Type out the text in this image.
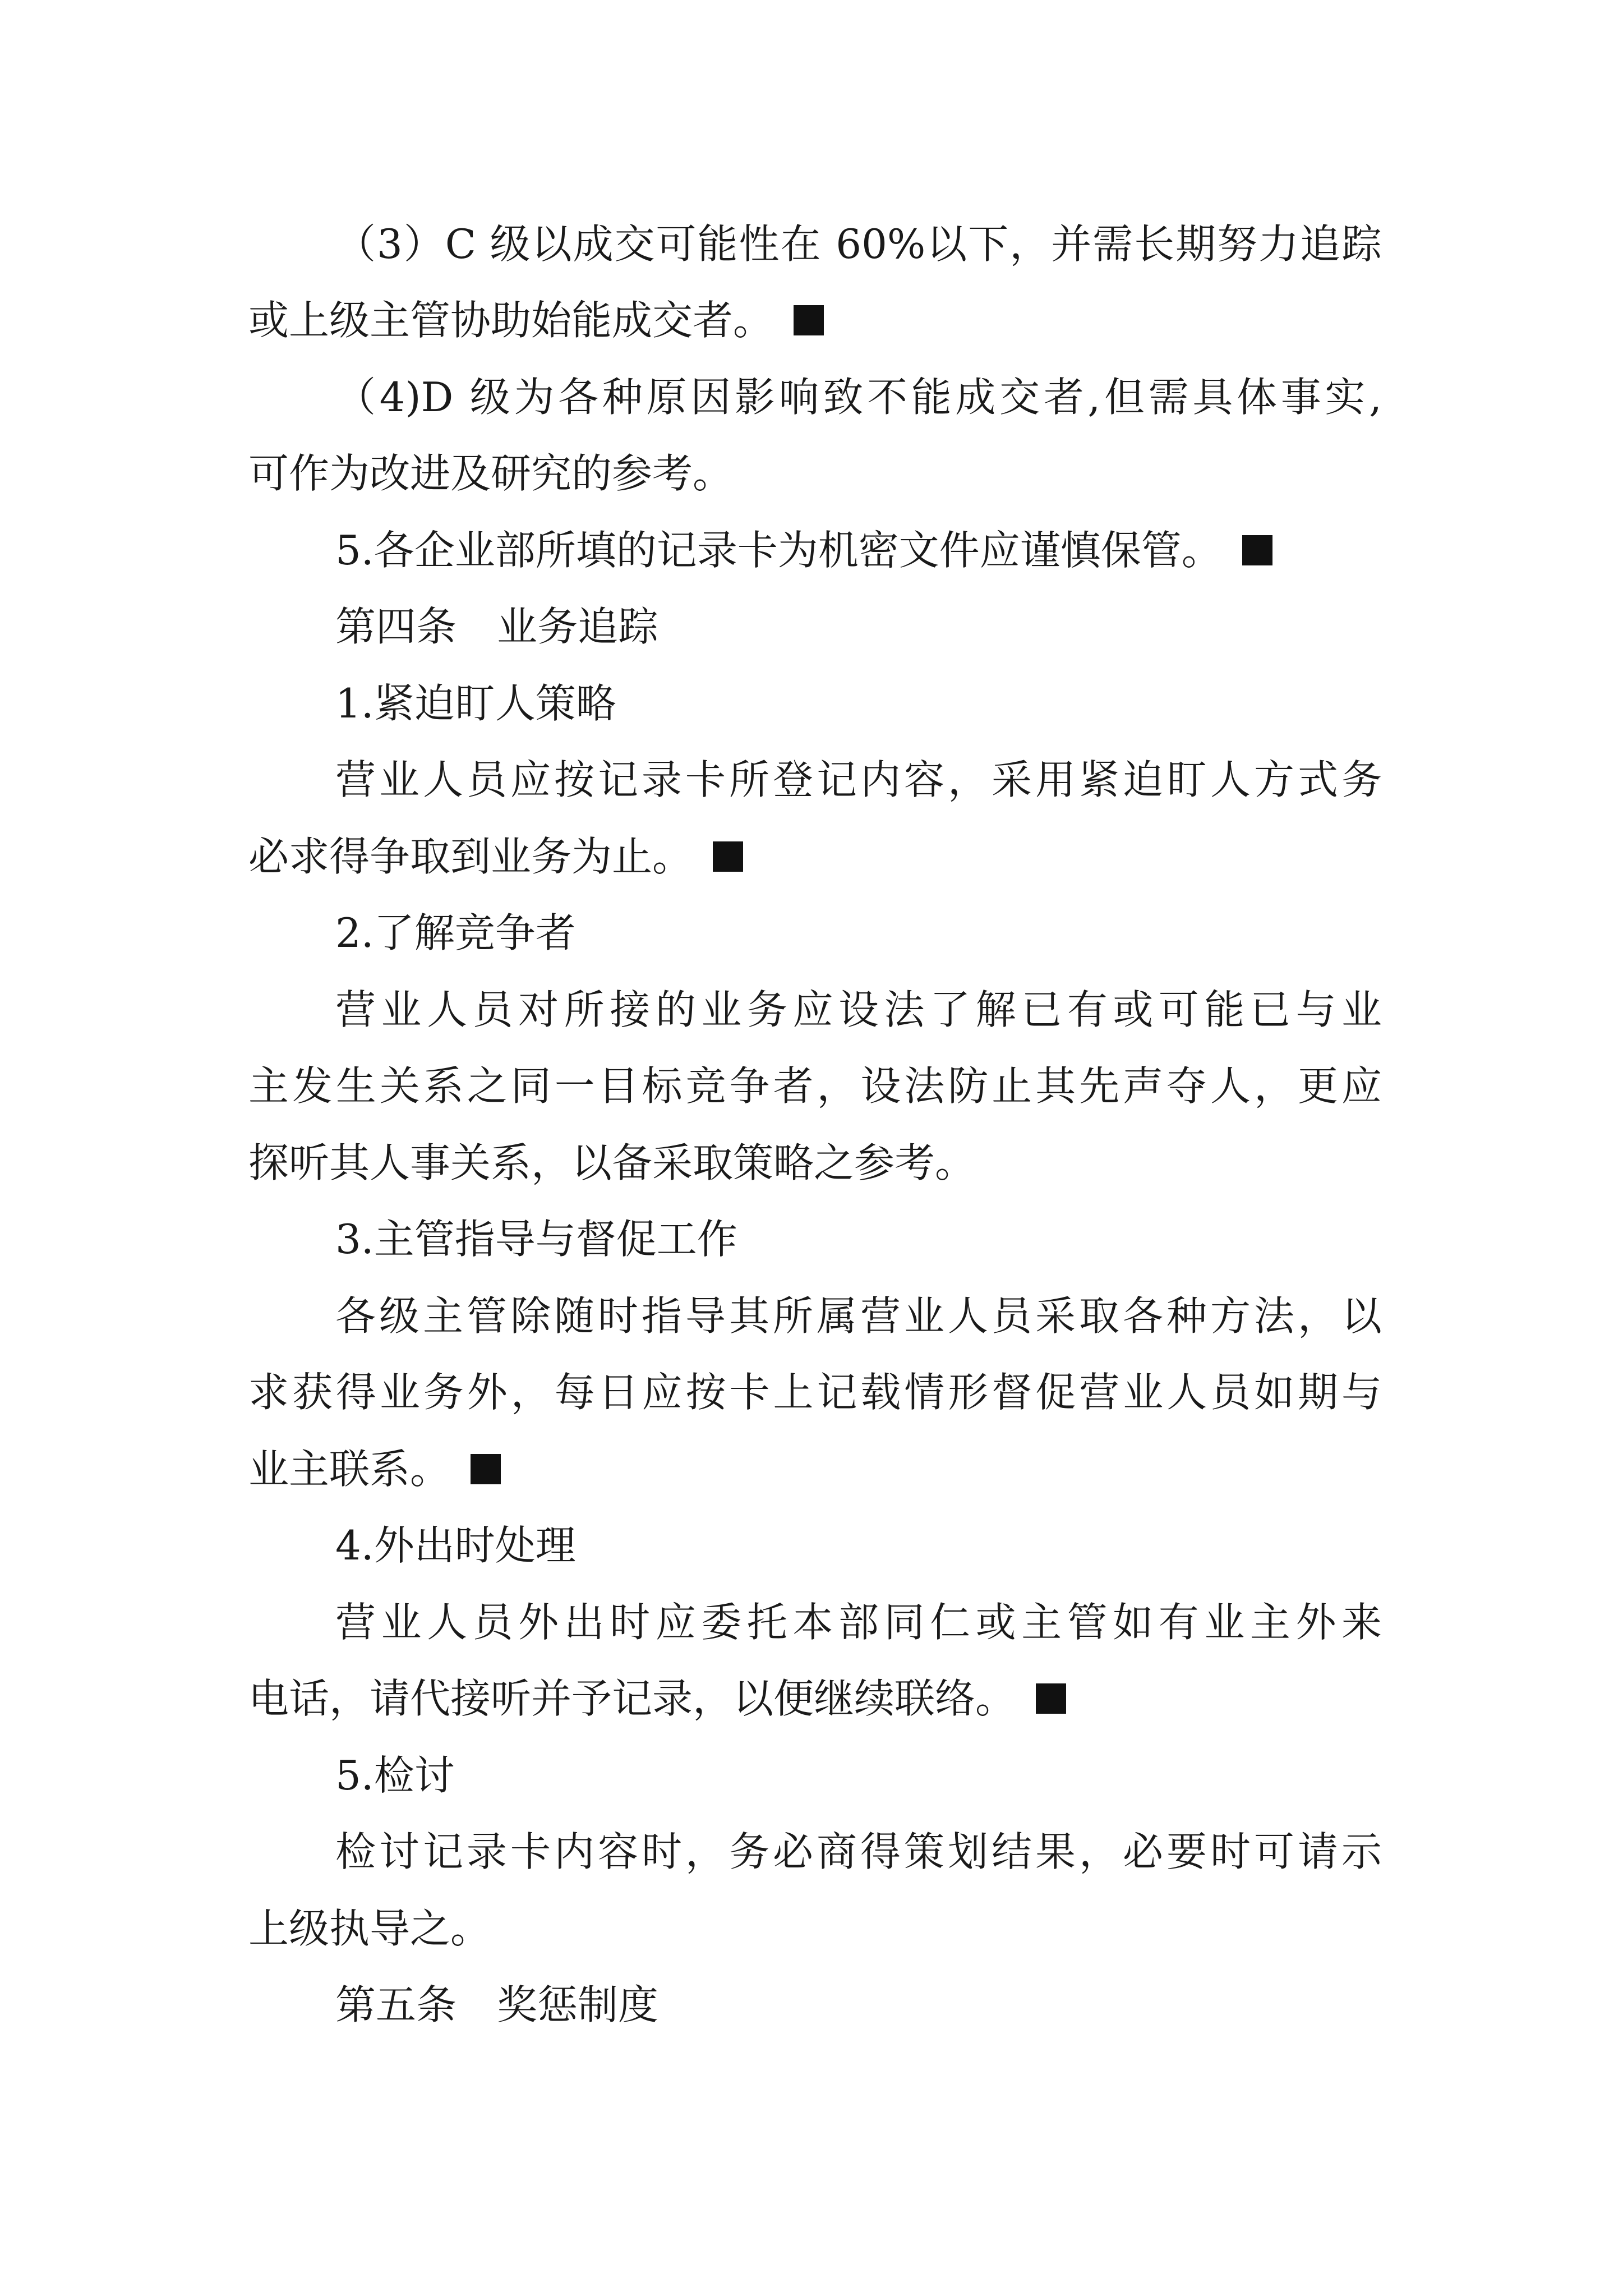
（3）C 级以成交可能性在 60%以下，并需长期努力追踪
或上级主管协助始能成交者。
（4)D 级为各种原因影响致不能成交者,但需具体事实,
可作为改进及研究的参考。
5.各企业部所填的记录卡为机密文件应谨慎保管。
第四条　业务追踪
1.紧迫盯人策略
营业人员应按记录卡所登记内容，采用紧迫盯人方式务
必求得争取到业务为止。
2.了解竞争者
营业人员对所接的业务应设法了解已有或可能已与业
主发生关系之同一目标竞争者，设法防止其先声夺人，更应
探听其人事关系，以备采取策略之参考。
3.主管指导与督促工作
各级主管除随时指导其所属营业人员采取各种方法，以
求获得业务外，每日应按卡上记载情形督促营业人员如期与
业主联系。
4.外出时处理
营业人员外出时应委托本部同仁或主管如有业主外来
电话，请代接听并予记录，以便继续联络。
5.检讨
检讨记录卡内容时，务必商得策划结果，必要时可请示
上级执导之。
第五条　奖惩制度
